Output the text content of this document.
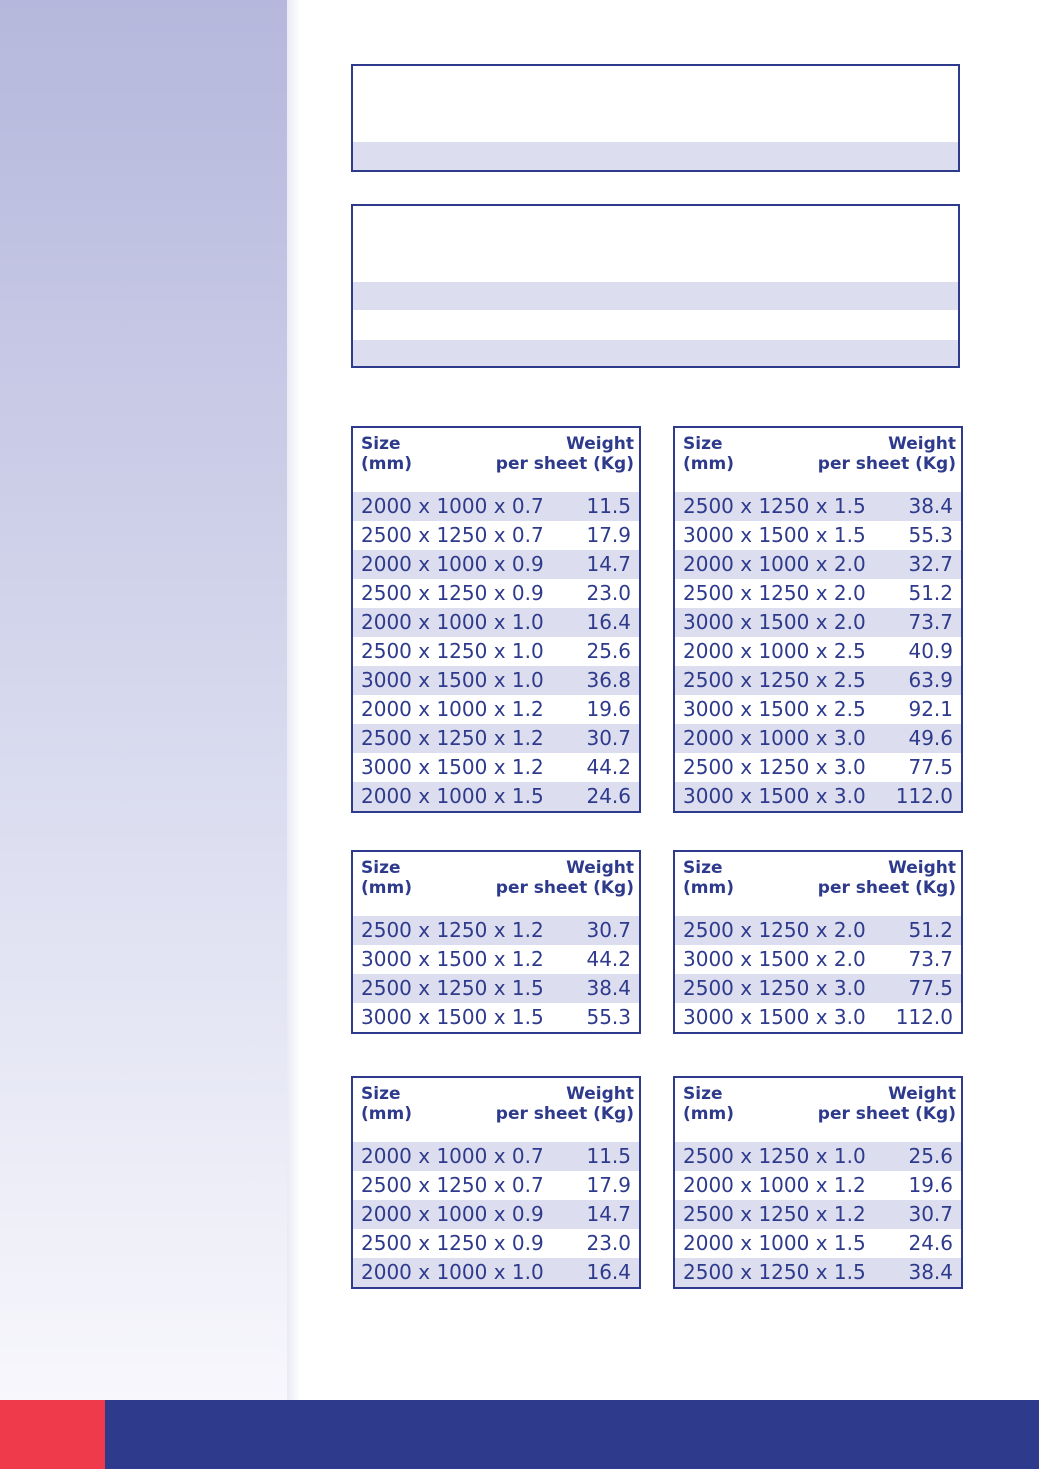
Size
(mm)
Weight
per sheet (Kg)
2000 x 1000 x 0.7 11.5
2500 x 1250 x 0.7 17.9
2000 x 1000 x 0.9 14.7
2500 x 1250 x 0.9 23.0
2000 x 1000 x 1.0 16.4
2500 x 1250 x 1.0 25.6
3000 x 1500 x 1.0 36.8
2000 x 1000 x 1.2 19.6
2500 x 1250 x 1.2 30.7
3000 x 1500 x 1.2 44.2
2000 x 1000 x 1.5 24.6
Size
(mm)
Weight
per sheet (Kg)
2500 x 1250 x 1.5 38.4
3000 x 1500 x 1.5 55.3
2000 x 1000 x 2.0 32.7
2500 x 1250 x 2.0 51.2
3000 x 1500 x 2.0 73.7
2000 x 1000 x 2.5 40.9
2500 x 1250 x 2.5 63.9
3000 x 1500 x 2.5 92.1
2000 x 1000 x 3.0 49.6
2500 x 1250 x 3.0 77.5
3000 x 1500 x 3.0 112.0
Size
(mm)
Weight
per sheet (Kg)
2500 x 1250 x 1.2 30.7
3000 x 1500 x 1.2 44.2
2500 x 1250 x 1.5 38.4
3000 x 1500 x 1.5 55.3
Size
(mm)
Weight
per sheet (Kg)
2500 x 1250 x 2.0 51.2
3000 x 1500 x 2.0 73.7
2500 x 1250 x 3.0 77.5
3000 x 1500 x 3.0 112.0
Size
(mm)
Weight
per sheet (Kg)
2000 x 1000 x 0.7 11.5
2500 x 1250 x 0.7 17.9
2000 x 1000 x 0.9 14.7
2500 x 1250 x 0.9 23.0
2000 x 1000 x 1.0 16.4
Size
(mm)
Weight
per sheet (Kg)
2500 x 1250 x 1.0 25.6
2000 x 1000 x 1.2 19.6
2500 x 1250 x 1.2 30.7
2000 x 1000 x 1.5 24.6
2500 x 1250 x 1.5 38.4
